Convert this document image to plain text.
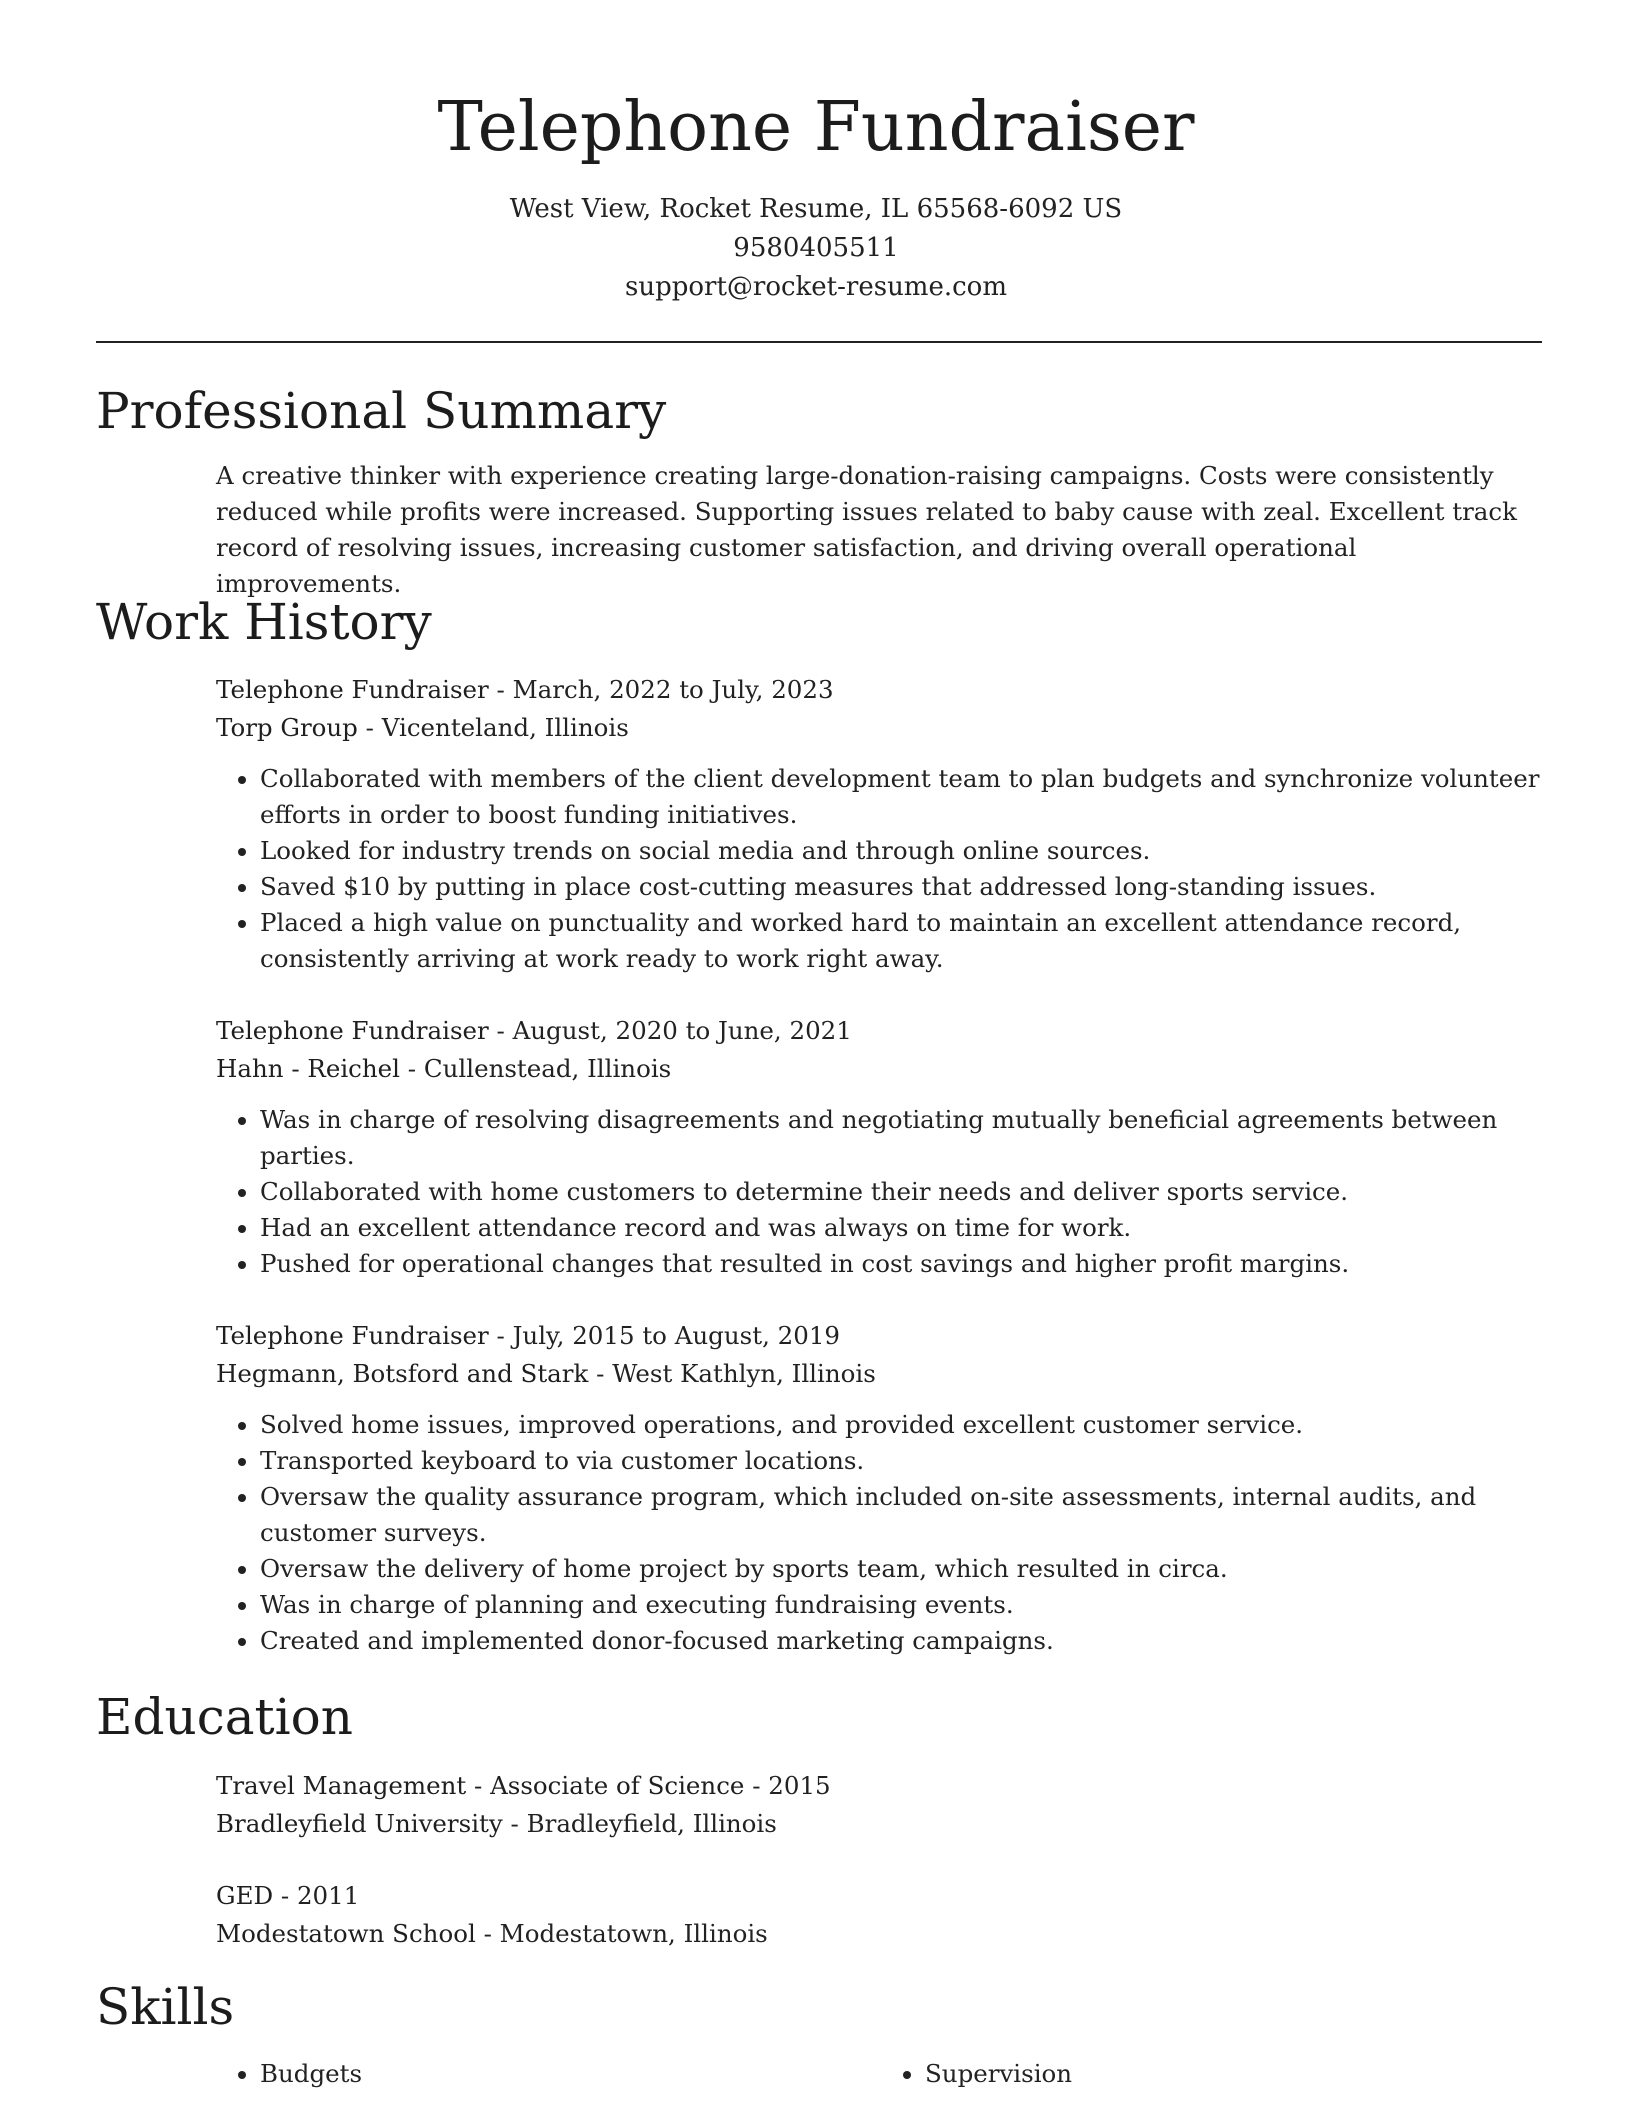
Telephone Fundraiser
West View, Rocket Resume, IL 65568-6092 US
9580405511
support@rocket-resume.com
Professional Summary

A creative thinker with experience creating large-donation-raising campaigns. Costs were consistently reduced while profits were increased. Supporting issues related to baby cause with zeal. Excellent track record of resolving issues, increasing customer satisfaction, and driving overall operational improvements.

Work History

Telephone Fundraiser - March, 2022 to July, 2023

Torp Group - Vicenteland, Illinois

• Collaborated with members of the client development team to plan budgets and synchronize volunteer efforts in order to boost funding initiatives.
• Looked for industry trends on social media and through online sources.
• Saved $10 by putting in place cost-cutting measures that addressed long-standing issues.
• Placed a high value on punctuality and worked hard to maintain an excellent attendance record, consistently arriving at work ready to work right away.

Telephone Fundraiser - August, 2020 to June, 2021

Hahn - Reichel - Cullenstead, Illinois

• Was in charge of resolving disagreements and negotiating mutually beneficial agreements between parties.
• Collaborated with home customers to determine their needs and deliver sports service.
• Had an excellent attendance record and was always on time for work.
• Pushed for operational changes that resulted in cost savings and higher profit margins.

Telephone Fundraiser - July, 2015 to August, 2019

Hegmann, Botsford and Stark - West Kathlyn, Illinois

• Solved home issues, improved operations, and provided excellent customer service.
• Transported keyboard to via customer locations.
• Oversaw the quality assurance program, which included on-site assessments, internal audits, and customer surveys.
• Oversaw the delivery of home project by sports team, which resulted in circa.
• Was in charge of planning and executing fundraising events.
• Created and implemented donor-focused marketing campaigns.
Education

Travel Management - Associate of Science - 2015

Bradleyfield University - Bradleyfield, Illinois

GED - 2011

Modestatown School - Modestatown, Illinois

Skills
• Budgets
•	Supervision
